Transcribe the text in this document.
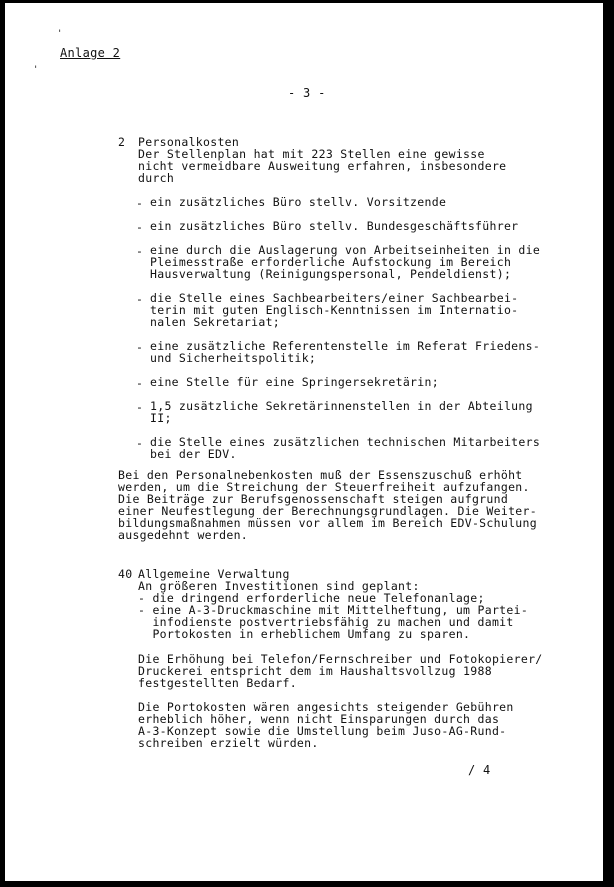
'
'
Anlage 2
- 3 -
2 Personalkosten
Der Stellenplan hat mit 223 Stellen eine gewisse
nicht vermeidbare Ausweitung erfahren, insbesondere
durch
- ein zusätzliches Büro stellv. Vorsitzende
- ein zusätzliches Büro stellv. Bundesgeschäftsführer
- eine durch die Auslagerung von Arbeitseinheiten in die
Pleimesstraße erforderliche Aufstockung im Bereich
Hausverwaltung (Reinigungspersonal, Pendeldienst);
- die Stelle eines Sachbearbeiters/einer Sachbearbei-
terin mit guten Englisch-Kenntnissen im Internatio-
nalen Sekretariat;
- eine zusätzliche Referentenstelle im Referat Friedens-
und Sicherheitspolitik;
- eine Stelle für eine Springersekretärin;
- 1,5 zusätzliche Sekretärinnenstellen in der Abteilung
II;
- die Stelle eines zusätzlichen technischen Mitarbeiters
bei der EDV.
Bei den Personalnebenkosten muß der Essenszuschuß erhöht
werden, um die Streichung der Steuerfreiheit aufzufangen.
Die Beiträge zur Berufsgenossenschaft steigen aufgrund
einer Neufestlegung der Berechnungsgrundlagen. Die Weiter-
bildungsmaßnahmen müssen vor allem im Bereich EDV-Schulung
ausgedehnt werden.
40 Allgemeine Verwaltung
An größeren Investitionen sind geplant:
- die dringend erforderliche neue Telefonanlage;
- eine A-3-Druckmaschine mit Mittelheftung, um Partei-
infodienste postvertriebsfähig zu machen und damit
Portokosten in erheblichem Umfang zu sparen.
Die Erhöhung bei Telefon/Fernschreiber und Fotokopierer/
Druckerei entspricht dem im Haushaltsvollzug 1988
festgestellten Bedarf.
Die Portokosten wären angesichts steigender Gebühren
erheblich höher, wenn nicht Einsparungen durch das
A-3-Konzept sowie die Umstellung beim Juso-AG-Rund-
schreiben erzielt würden.
/ 4
